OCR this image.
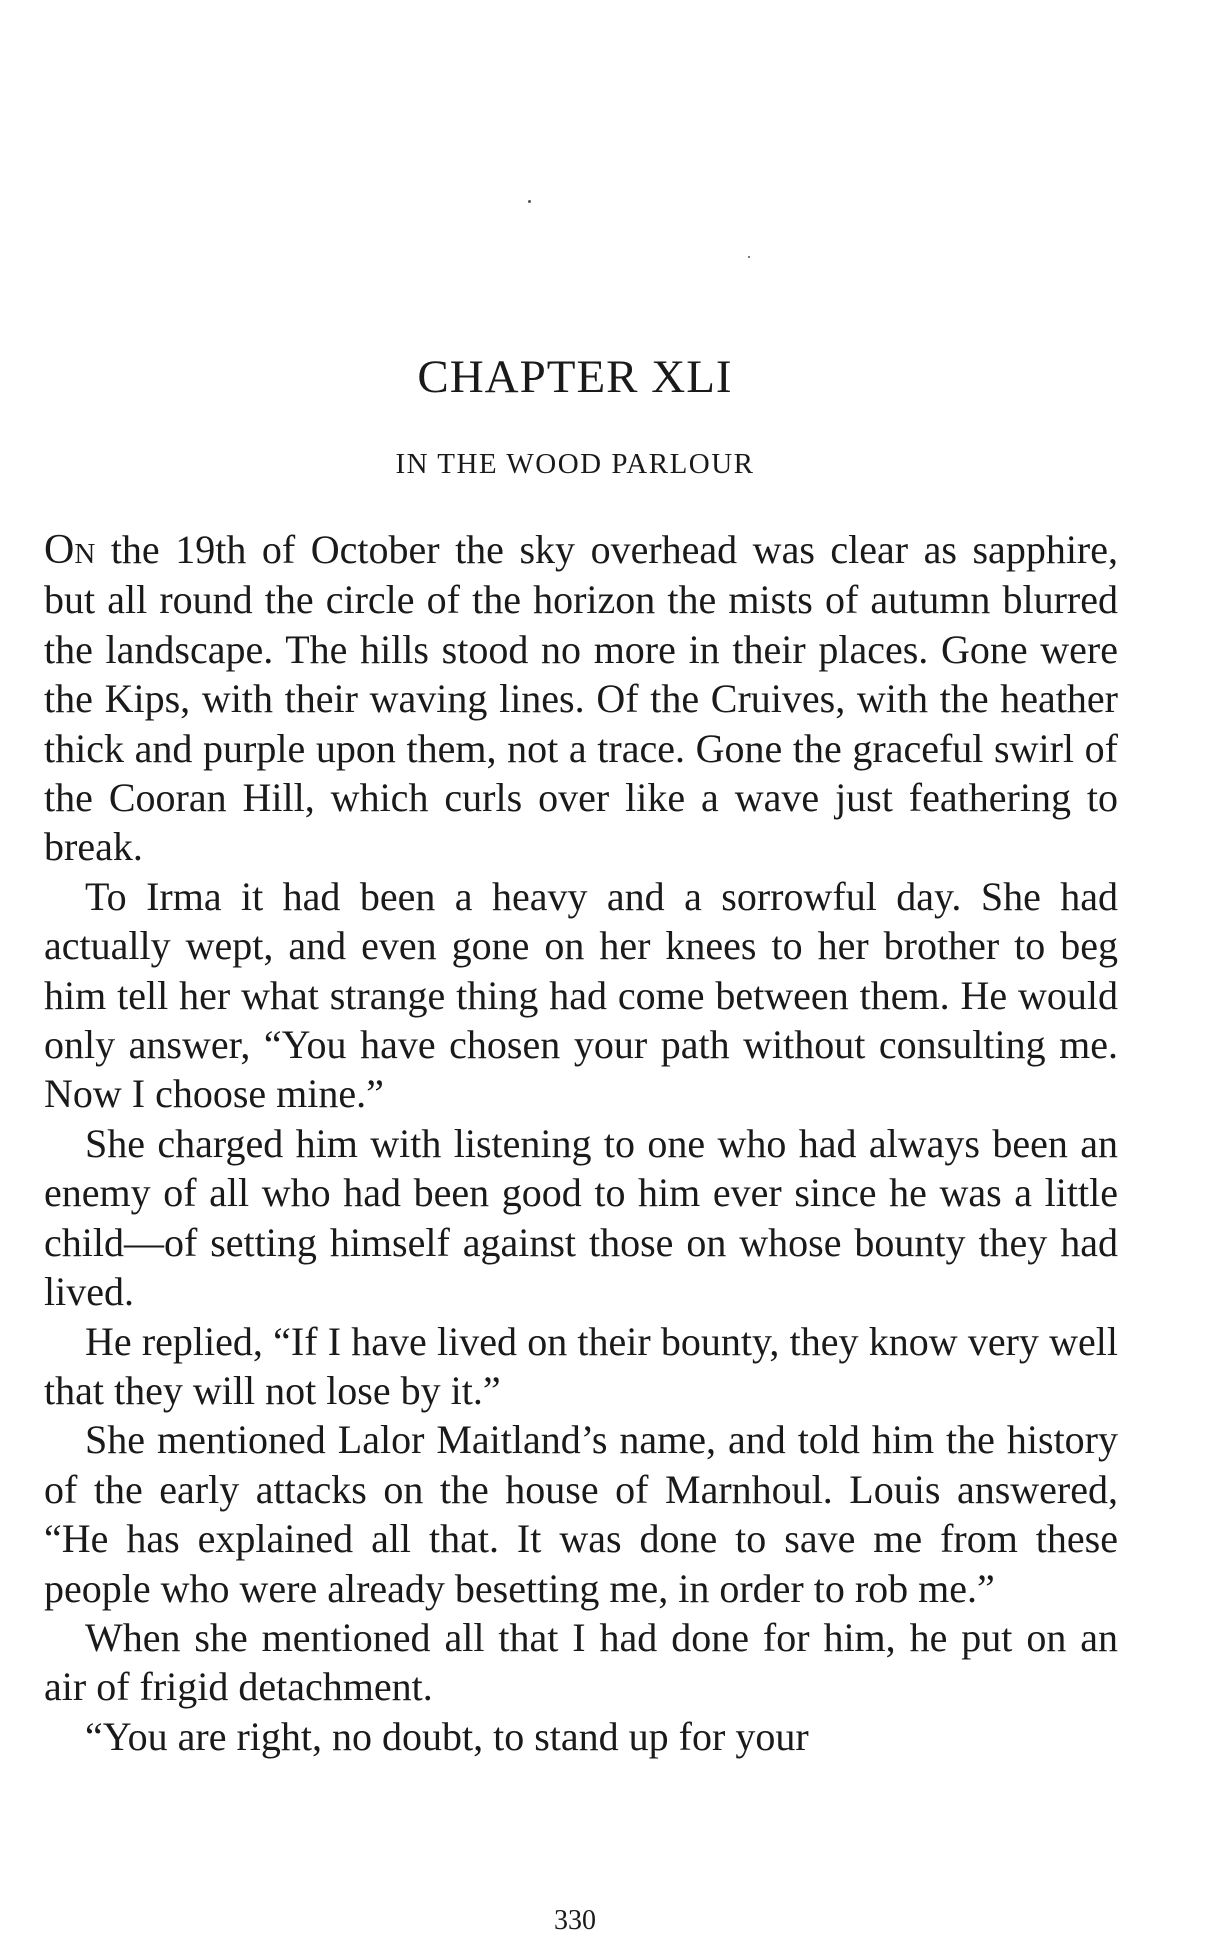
CHAPTER XLI
IN THE WOOD PARLOUR

On the 19th of October the sky overhead was clear as sapphire, but all round the circle of the horizon the mists of autumn blurred the landscape. The hills stood no more in their places. Gone were the Kips, with their waving lines. Of the Cruives, with the heather thick and purple upon them, not a trace. Gone the graceful swirl of the Cooran Hill, which curls over like a wave just feathering to break.

To Irma it had been a heavy and a sorrowful day. She had actually wept, and even gone on her knees to her brother to beg him tell her what strange thing had come between them. He would only answer, “You have chosen your path without consulting me. Now I choose mine.”

She charged him with listening to one who had always been an enemy of all who had been good to him ever since he was a little child—of setting himself against those on whose bounty they had lived.

He replied, “If I have lived on their bounty, they know very well that they will not lose by it.”

She mentioned Lalor Maitland’s name, and told him the history of the early attacks on the house of Marnhoul. Louis answered, “He has explained all that. It was done to save me from these people who were already besetting me, in order to rob me.”

When she mentioned all that I had done for him, he put on an air of frigid detachment.

“You are right, no doubt, to stand up for your

330
